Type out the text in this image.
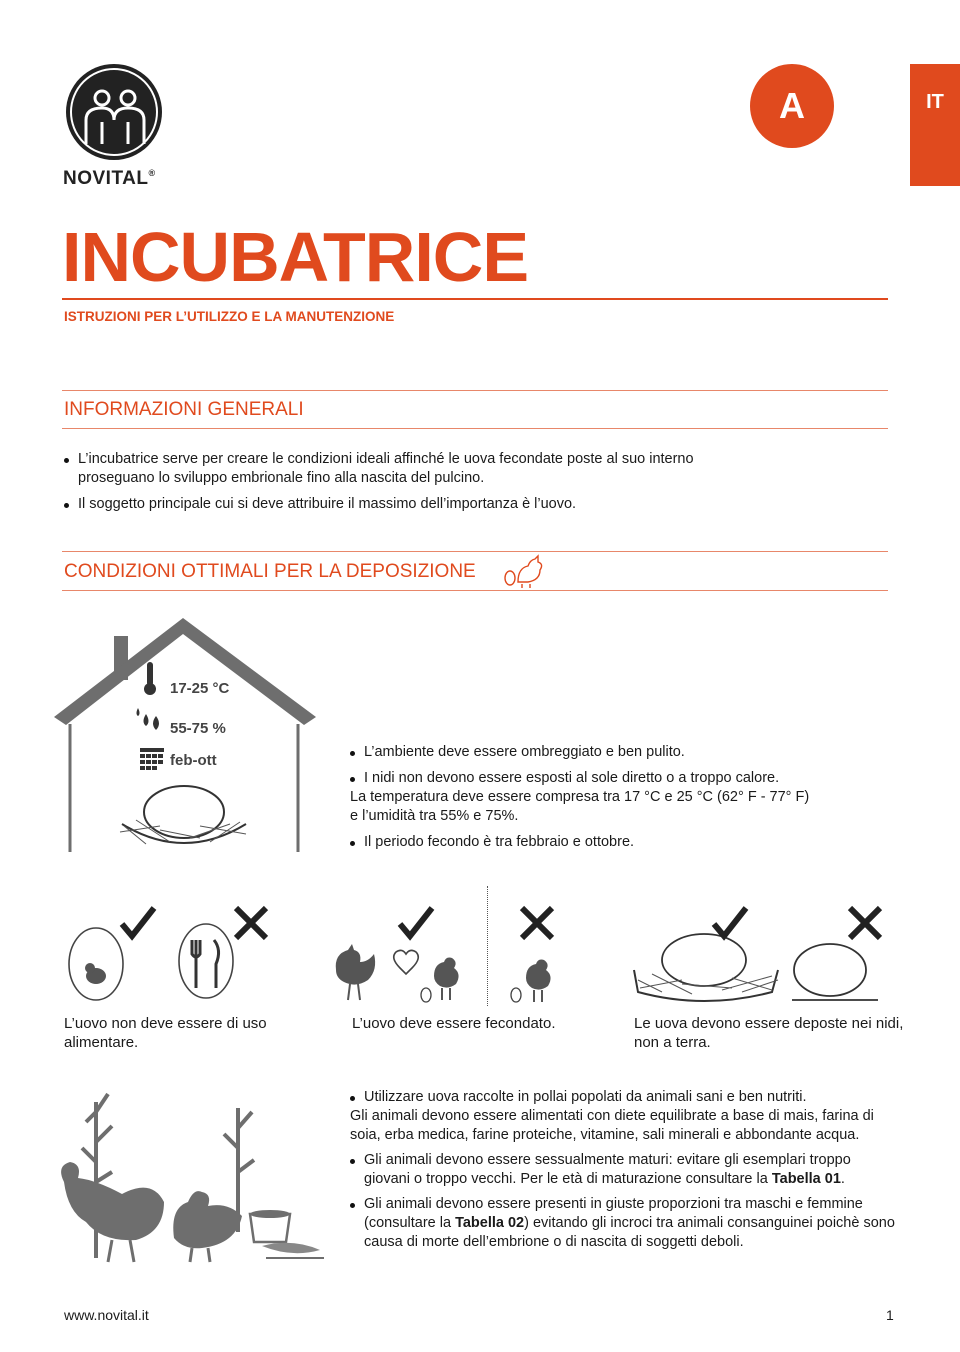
NOVITAL®
A	IT
INCUBATRICE
ISTRUZIONI PER L’UTILIZZO E LA MANUTENZIONE
INFORMAZIONI GENERALI
L’incubatrice serve per creare le condizioni ideali affinché le uova fecondate poste al suo interno proseguano lo sviluppo embrionale fino alla nascita del pulcino.
Il soggetto principale cui si deve attribuire il massimo dell’importanza è l’uovo.
CONDIZIONI OTTIMALI PER LA DEPOSIZIONE
17-25 °C
55-75 %
feb-ott	L’ambiente deve essere ombreggiato e ben pulito.
I nidi non devono essere esposti al sole diretto o a troppo calore.
La temperatura deve essere compresa tra 17 °C e 25 °C (62° F - 77° F) e l’umidità tra 55% e 75%.
Il periodo fecondo è tra febbraio e ottobre.
L’uovo non deve essere di uso alimentare.
L’uovo deve essere fecondato.	Le uova devono essere deposte nei nidi, non a terra.
Utilizzare uova raccolte in pollai popolati da animali sani e ben nutriti.
Gli animali devono essere alimentati con diete equilibrate a base di mais, farina di soia, erba medica, farine proteiche, vitamine, sali minerali e abbondante acqua.
Gli animali devono essere sessualmente maturi: evitare gli esemplari troppo giovani o troppo vecchi. Per le età di maturazione consultare la Tabella 01.
Gli animali devono essere presenti in giuste proporzioni tra maschi e femmine (consultare la Tabella 02) evitando gli incroci tra animali consanguinei poichè sono causa di morte dell’embrione o di nascita di soggetti deboli.
www.novital.it	1
